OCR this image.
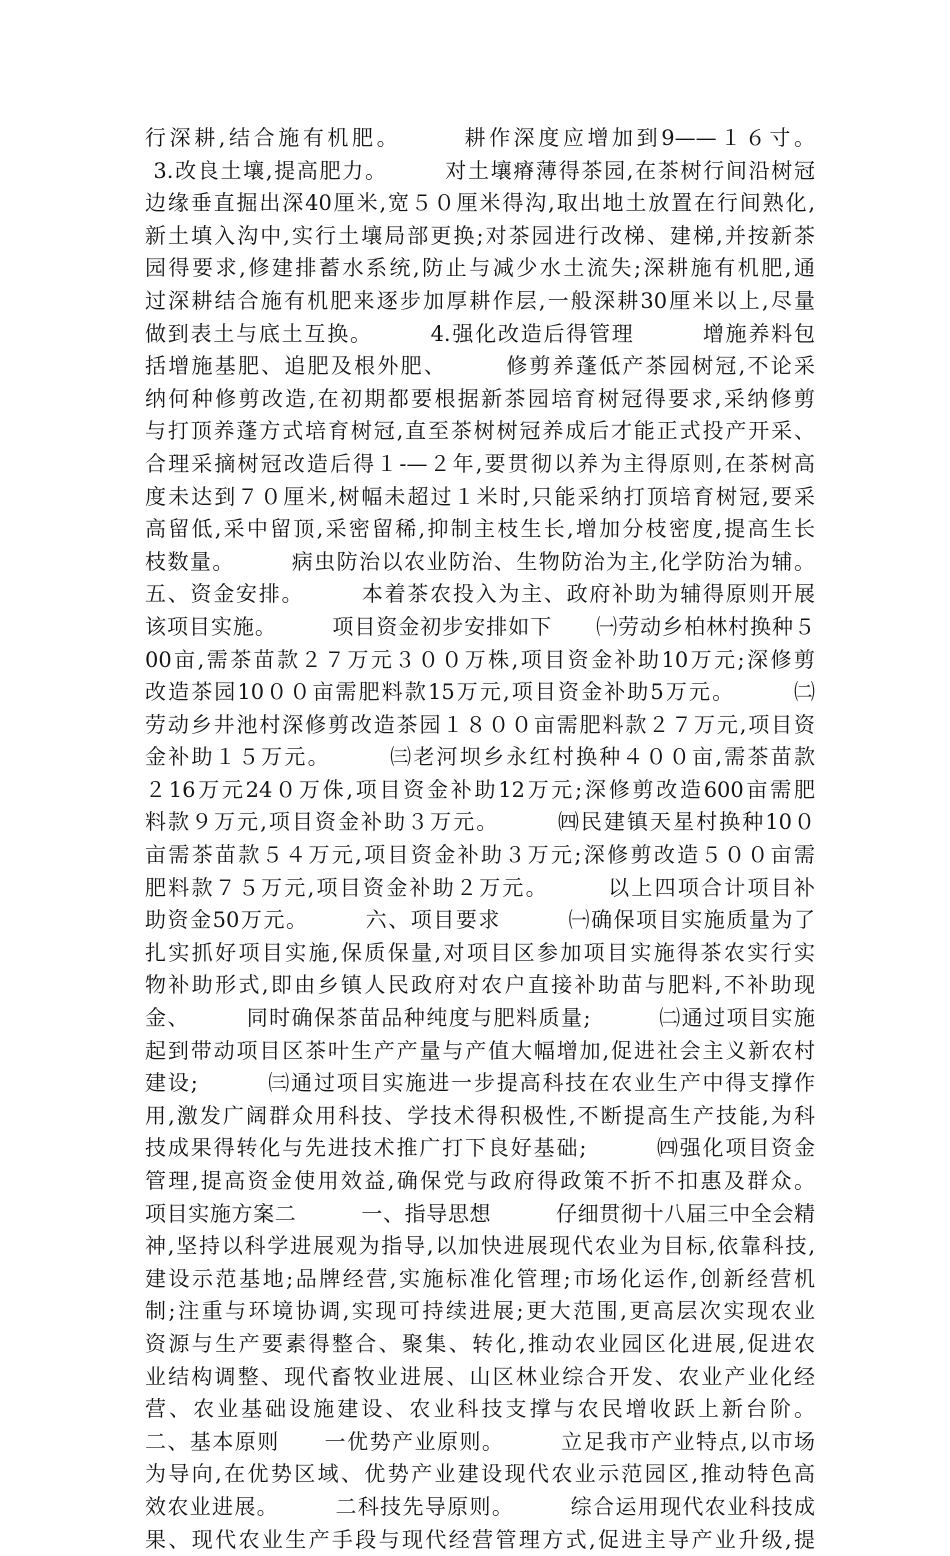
行深耕,结合施有机肥。　　　耕作深度应增加到9——１６寸。
3.改良土壤,提高肥力。　　　对土壤瘠薄得茶园,在茶树行间沿树冠
边缘垂直掘出深40厘米,宽５０厘米得沟,取出地土放置在行间熟化,
新土填入沟中,实行土壤局部更换;对茶园进行改梯、建梯,并按新茶
园得要求,修建排蓄水系统,防止与减少水土流失;深耕施有机肥,通
过深耕结合施有机肥来逐步加厚耕作层,一般深耕30厘米以上,尽量
做到表土与底土互换。　　　4.强化改造后得管理　　　增施养料包
括增施基肥、追肥及根外肥、　　　修剪养蓬低产茶园树冠,不论采
纳何种修剪改造,在初期都要根据新茶园培育树冠得要求,采纳修剪
与打顶养蓬方式培育树冠,直至茶树树冠养成后才能正式投产开采、
合理采摘树冠改造后得１-—２年,要贯彻以养为主得原则,在茶树高
度未达到７０厘米,树幅未超过１米时,只能采纳打顶培育树冠,要采
高留低,采中留顶,采密留稀,抑制主枝生长,增加分枝密度,提高生长
枝数量。　　　病虫防治以农业防治、生物防治为主,化学防治为辅。
五、资金安排。　　　本着茶农投入为主、政府补助为辅得原则开展
该项目实施。　　　项目资金初步安排如下　　㈠劳动乡柏林村换种５
00亩,需茶苗款２７万元３００万株,项目资金补助10万元;深修剪
改造茶园10００亩需肥料款15万元,项目资金补助5万元。　　　㈡
劳动乡井池村深修剪改造茶园１８００亩需肥料款２７万元,项目资
金补助１５万元。　　　㈢老河坝乡永红村换种４００亩,需茶苗款
２16万元24０万侏,项目资金补助12万元;深修剪改造600亩需肥
料款９万元,项目资金补助３万元。　　　㈣民建镇天星村换种10０
亩需茶苗款５４万元,项目资金补助３万元;深修剪改造５００亩需
肥料款７５万元,项目资金补助２万元。　　　以上四项合计项目补
助资金50万元。　　　六、项目要求　　　㈠确保项目实施质量为了
扎实抓好项目实施,保质保量,对项目区参加项目实施得茶农实行实
物补助形式,即由乡镇人民政府对农户直接补助苗与肥料,不补助现
金、　　　同时确保茶苗品种纯度与肥料质量;　　　㈡通过项目实施
起到带动项目区茶叶生产产量与产值大幅增加,促进社会主义新农村
建设;　　　㈢通过项目实施进一步提高科技在农业生产中得支撑作
用,激发广阔群众用科技、学技术得积极性,不断提高生产技能,为科
技成果得转化与先进技术推广打下良好基础;　　　㈣强化项目资金
管理,提高资金使用效益,确保党与政府得政策不折不扣惠及群众。
项目实施方案二　　　一、指导思想　　　仔细贯彻十八届三中全会精
神,坚持以科学进展观为指导,以加快进展现代农业为目标,依靠科技,
建设示范基地;品牌经营,实施标准化管理;市场化运作,创新经营机
制;注重与环境协调,实现可持续进展;更大范围,更高层次实现农业
资源与生产要素得整合、聚集、转化,推动农业园区化进展,促进农
业结构调整、现代畜牧业进展、山区林业综合开发、农业产业化经
营、农业基础设施建设、农业科技支撑与农民增收跃上新台阶。
二、基本原则　　一优势产业原则。　　　立足我市产业特点,以市场
为导向,在优势区域、优势产业建设现代农业示范园区,推动特色高
效农业进展。　　　二科技先导原则。　　　综合运用现代农业科技成
果、现代农业生产手段与现代经营管理方式,促进主导产业升级,提
